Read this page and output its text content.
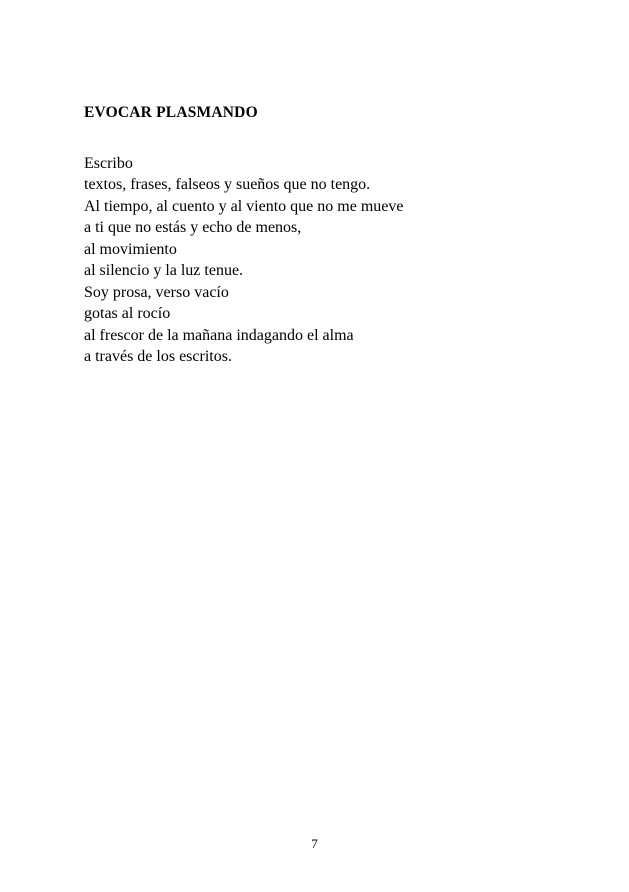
EVOCAR PLASMANDO
Escribo
textos, frases, falseos y sueños que no tengo.
Al tiempo, al cuento y al viento que no me mueve
a ti que no estás y echo de menos,
al movimiento
al silencio y la luz tenue.
Soy prosa, verso vacío
gotas al rocío
al frescor de la mañana indagando el alma
a través de los escritos.
7
